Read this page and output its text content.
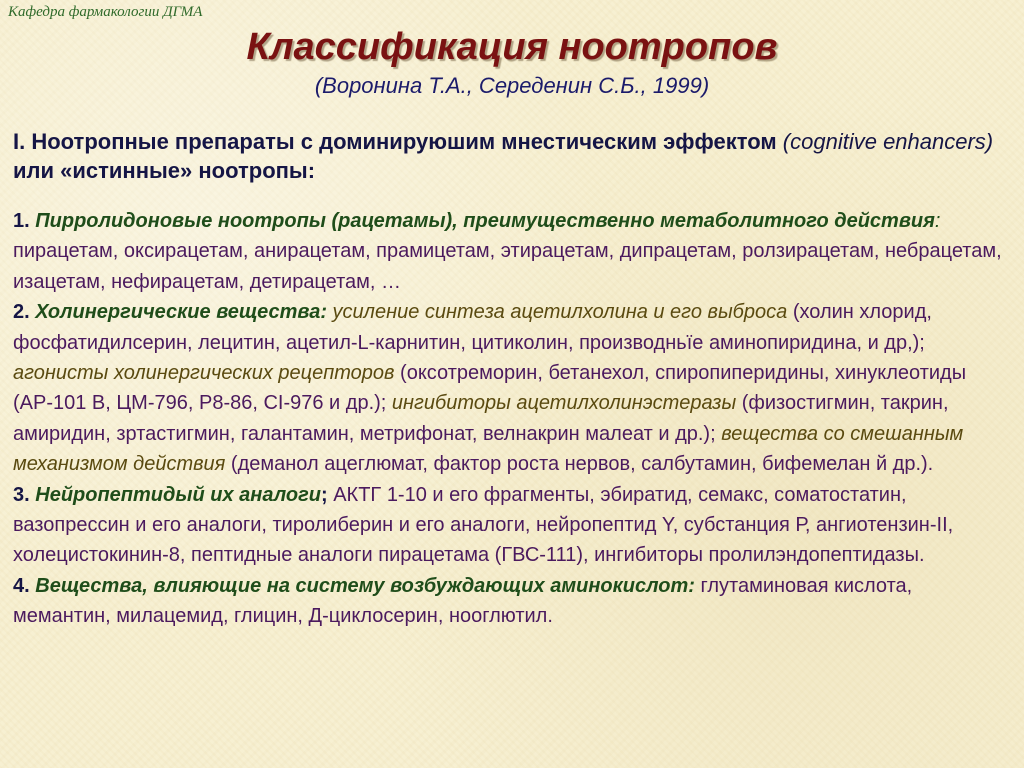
Кафедра фармакологии ДГМА
Классификация ноотропов
(Воронина Т.А., Середенин С.Б., 1999)
I. Ноотропные препараты с доминируюшим мнестическим эффектом (cognitive enhancers) или «истинные» ноотропы:

1. Пирролидоновые ноотропы (рацетамы), преимущественно метаболитного действия: пирацетам, оксирацетам, анирацетам, прамицетам, этирацетам, дипрацетам, ролзирацетам, небрацетам, изацетам, нефирацетам, детирацетам, …

2. Холинергические вещества: усиление синтеза ацетилхолина и его выброса (холин хлорид, фосфатидилсерин, лецитин, ацетил-L-карнитин, цитиколин, производньїе аминопиридина, и др,); агонисты холинергических рецепторов (оксотреморин, бетанехол, спиропиперидины, хинуклеотиды (АР-101 В, ЦМ-796, Р8-86, CI-976 и др.); ингибиторы ацетилхолинэстеразы (физостигмин, такрин, амиридин, зртастигмин, галантамин, метрифонат, велнакрин малеат и др.); вещества со смешанным механизмом действия (деманол ацеглюмат, фактор роста нервов, салбутамин, бифемелан й др.).

3. Нейропептидый их аналоги; АКТГ 1-10 и его фрагменты, эбиратид, семакс, соматостатин, вазопрессин и его аналоги, тиролиберин и его аналоги, нейропептид Y, субстанция Р, ангиотензин-II, холецистокинин-8, пептидные аналоги пирацетама (ГВС-111), ингибиторы пролилэндопептидазы.

4. Вещества, влияющие на систему возбуждающих аминокислот: глутаминовая кислота, мемантин, милацемид, глицин, Д-циклосерин, ноoглютил.
